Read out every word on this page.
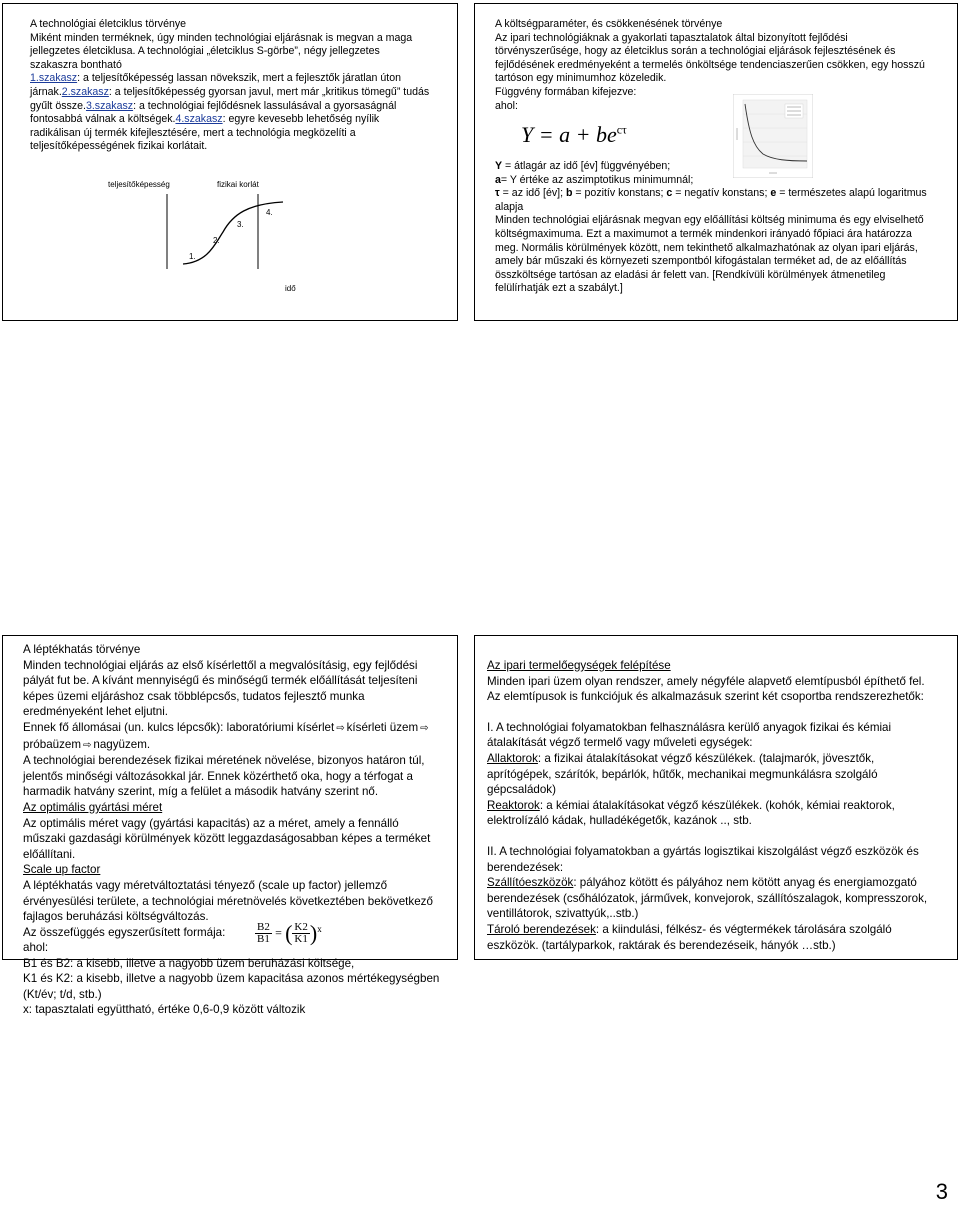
A technológiai életciklus törvénye
Miként minden terméknek, úgy minden technológiai eljárásnak is megvan a maga jellegzetes életciklusa. A technológiai „életciklus S-görbe”, négy jellegzetes szakaszra bontható
1.szakasz: a teljesítőképesség lassan növekszik, mert a fejlesztők járatlan úton járnak.2.szakasz: a teljesítőképesség gyorsan javul, mert már „kritikus tömegű” tudás gyűlt össze.3.szakasz: a technológiai fejlődésnek lassulásával a gyorsaságnál fontosabbá válnak a költségek.4.szakasz: egyre kevesebb lehetőség nyílik radikálisan új termék kifejlesztésére, mert a technológia megközelíti a teljesítőképességének fizikai korlátait.
teljesítőképesség	fizikai korlát
1.
2.
3.
4.
idő
A költségparaméter, és csökkenésének törvénye
Az ipari technológiáknak a gyakorlati tapasztalatok által bizonyított fejlődési törvényszerűsége, hogy az életciklus során a technológiai eljárások fejlesztésének és fejlődésének eredményeként a termelés önköltsége tendenciaszerűen csökken, egy hosszú tartóson egy minimumhoz közeledik.
Függvény formában kifejezve:
ahol:
$Y = a + be^{c\tau}$
Y = átlagár az idő [év] függvényében;
a= Y értéke az aszimptotikus minimumnál;
τ = az idő [év]; b = pozitív konstans; c = negatív konstans; e = természetes alapú logaritmus alapja
Minden technológiai eljárásnak megvan egy előállítási költség minimuma és egy elviselhető költségmaximuma. Ezt a maximumot a termék mindenkori irányadó főpiaci ára határozza meg. Normális körülmények között, nem tekinthető alkalmazhatónak az olyan ipari eljárás, amely bár műszaki és környezeti szempontból kifogástalan terméket ad, de az előállítás összköltsége tartósan az eladási ár felett van. [Rendkívüli körülmények átmenetileg felülírhatják ezt a szabályt.]
A léptékhatás törvénye
Minden technológiai eljárás az első kísérlettől a megvalósításig, egy fejlődési pályát fut be. A kívánt mennyiségű és minőségű termék előállítását teljesíteni képes üzemi eljáráshoz csak többlépcsős, tudatos fejlesztő munka eredményeként lehet eljutni.
Ennek fő állomásai (un. kulcs lépcsők): laboratóriumi kísérlet ⇨ kísérleti üzem ⇨
próbaüzem ⇨ nagyüzem.
A technológiai berendezések fizikai méretének növelése, bizonyos határon túl, jelentős minőségi változásokkal jár. Ennek közérthető oka, hogy a térfogat a harmadik hatvány szerint, míg a felület a második hatvány szerint nő.
Az optimális gyártási méret
Az optimális méret vagy (gyártási kapacitás) az a méret, amely a fennálló műszaki gazdasági körülmények között leggazdaságosabban képes a terméket előállítani.
Scale up factor
A léptékhatás vagy méretváltoztatási tényező (scale up factor) jellemző érvényesülési területe, a technológiai méretnövelés következtében bekövetkező fajlagos beruházási költségváltozás.
Az összefüggés egyszerűsített formája:
ahol:
$\frac{B2}{B1}$ = ( $\frac{K2}{K1} )^x$
B1 és B2: a kisebb, illetve a nagyobb üzem beruházási költsége,
K1 és K2: a kisebb, illetve a nagyobb üzem kapacitása azonos mértékegységben (Kt/év; t/d, stb.)
x: tapasztalati együttható, értéke 0,6-0,9 között változik
Az ipari termelőegységek felépítése
Minden ipari üzem olyan rendszer, amely négyféle alapvető elemtípusból építhető fel. Az elemtípusok is funkciójuk és alkalmazásuk szerint két csoportba rendszerezhetők:

I. A technológiai folyamatokban felhasználásra kerülő anyagok fizikai és kémiai átalakítását végző termelő vagy műveleti egységek:
Allaktorok: a fizikai átalakításokat végző készülékek. (talajmarók, jövesztők, aprítógépek, szárítók, bepárlók, hűtők, mechanikai megmunkálásra szolgáló gépcsaládok)
Reaktorok: a kémiai átalakításokat végző készülékek. (kohók, kémiai reaktorok, elektrolízáló kádak, hulladékégetők, kazánok .., stb.

II. A technológiai folyamatokban a gyártás logisztikai kiszolgálást végző eszközök és berendezések:
Szállítóeszközök: pályához kötött és pályához nem kötött anyag és energiamozgató berendezések (csőhálózatok, járművek, konvejorok, szállítószalagok, kompresszorok, ventillátorok, szivattyúk,..stb.)
Tároló berendezések: a kiindulási, félkész- és végtermékek tárolására szolgáló eszközök. (tartályparkok, raktárak és berendezéseik, hányók …stb.)
3
